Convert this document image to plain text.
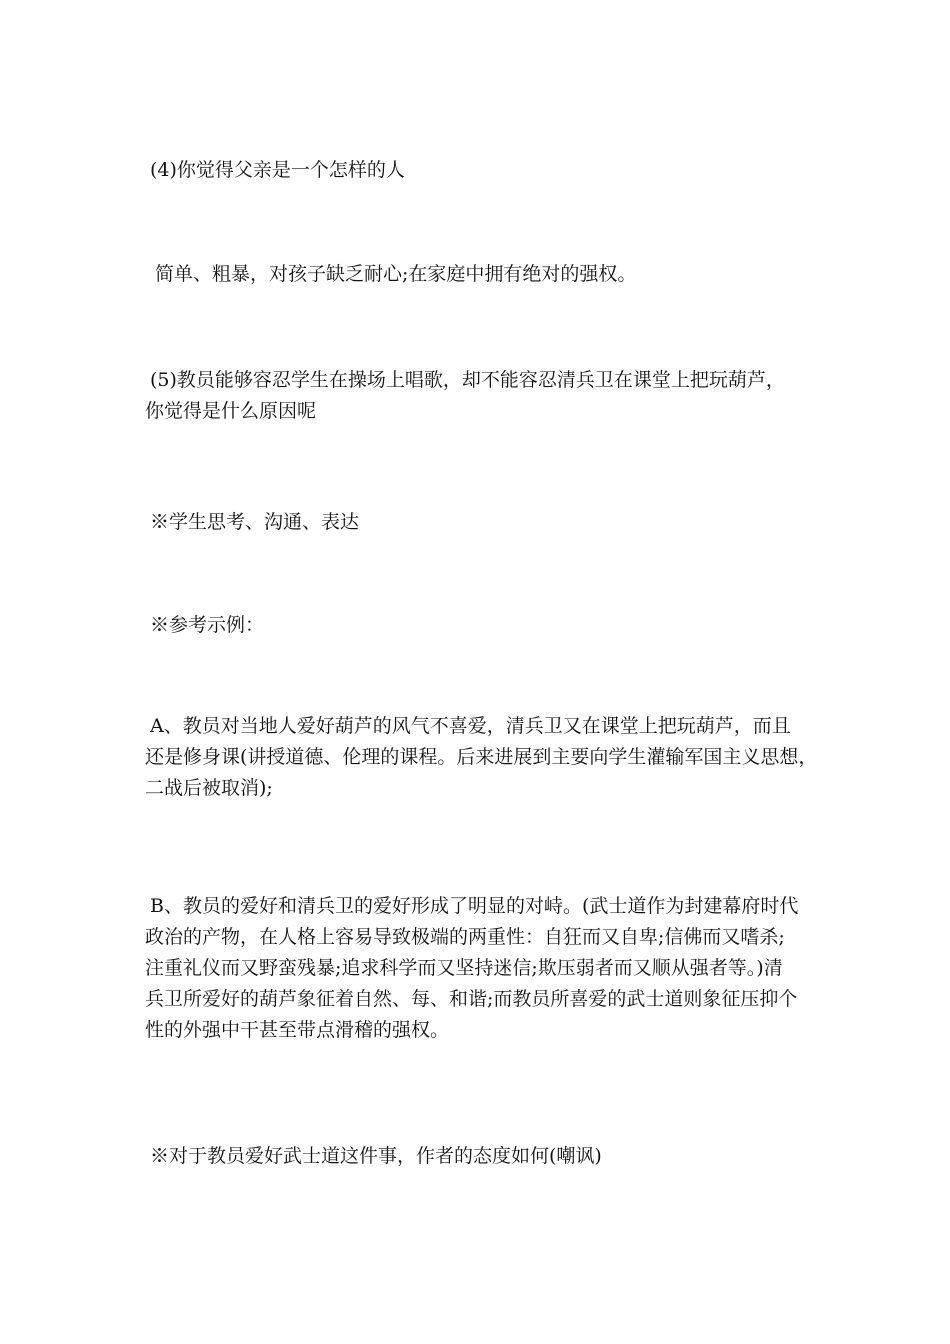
(4)你觉得父亲是一个怎样的人

简单、粗暴，对孩子缺乏耐心;在家庭中拥有绝对的强权。

(5)教员能够容忍学生在操场上唱歌，却不能容忍清兵卫在课堂上把玩葫芦，
你觉得是什么原因呢

※学生思考、沟通、表达

※参考示例：

A、教员对当地人爱好葫芦的风气不喜爱，清兵卫又在课堂上把玩葫芦，而且
还是修身课(讲授道德、伦理的课程。后来进展到主要向学生灌输军国主义思想，
二战后被取消);

B、教员的爱好和清兵卫的爱好形成了明显的对峙。(武士道作为封建幕府时代
政治的产物，在人格上容易导致极端的两重性：自狂而又自卑;信佛而又嗜杀;
注重礼仪而又野蛮残暴;追求科学而又坚持迷信;欺压弱者而又顺从强者等。)清
兵卫所爱好的葫芦象征着自然、每、和谐;而教员所喜爱的武士道则象征压抑个
性的外强中干甚至带点滑稽的强权。

※对于教员爱好武士道这件事，作者的态度如何(嘲讽)
